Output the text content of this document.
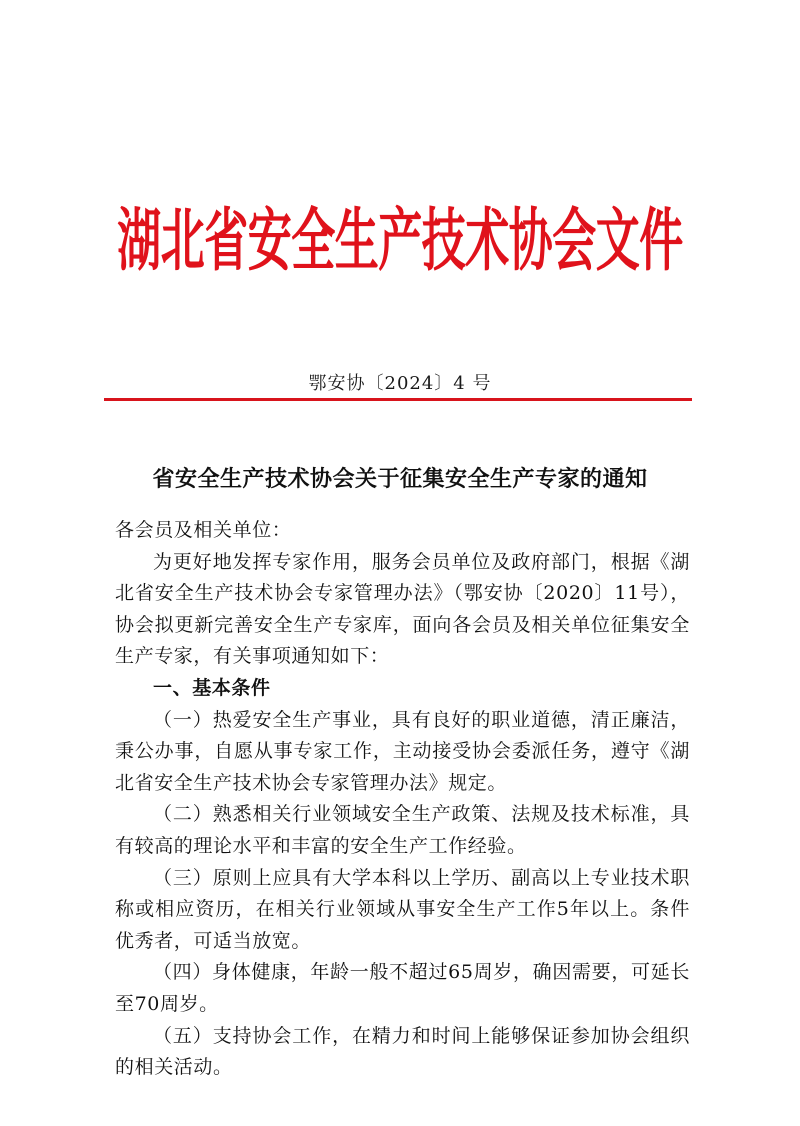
湖北省安全生产技术协会文件
鄂安协〔2024〕4 号
省安全生产技术协会关于征集安全生产专家的通知

各会员及相关单位：

为更好地发挥专家作用，服务会员单位及政府部门，根据《湖北省安全生产技术协会专家管理办法》（鄂安协〔2020〕11号），协会拟更新完善安全生产专家库，面向各会员及相关单位征集安全生产专家，有关事项通知如下：

一、基本条件

（一）热爱安全生产事业，具有良好的职业道德，清正廉洁，秉公办事，自愿从事专家工作，主动接受协会委派任务，遵守《湖北省安全生产技术协会专家管理办法》规定。

（二）熟悉相关行业领域安全生产政策、法规及技术标准，具有较高的理论水平和丰富的安全生产工作经验。

（三）原则上应具有大学本科以上学历、副高以上专业技术职称或相应资历，在相关行业领域从事安全生产工作5年以上。条件优秀者，可适当放宽。

（四）身体健康，年龄一般不超过65周岁，确因需要，可延长至70周岁。

（五）支持协会工作，在精力和时间上能够保证参加协会组织的相关活动。
